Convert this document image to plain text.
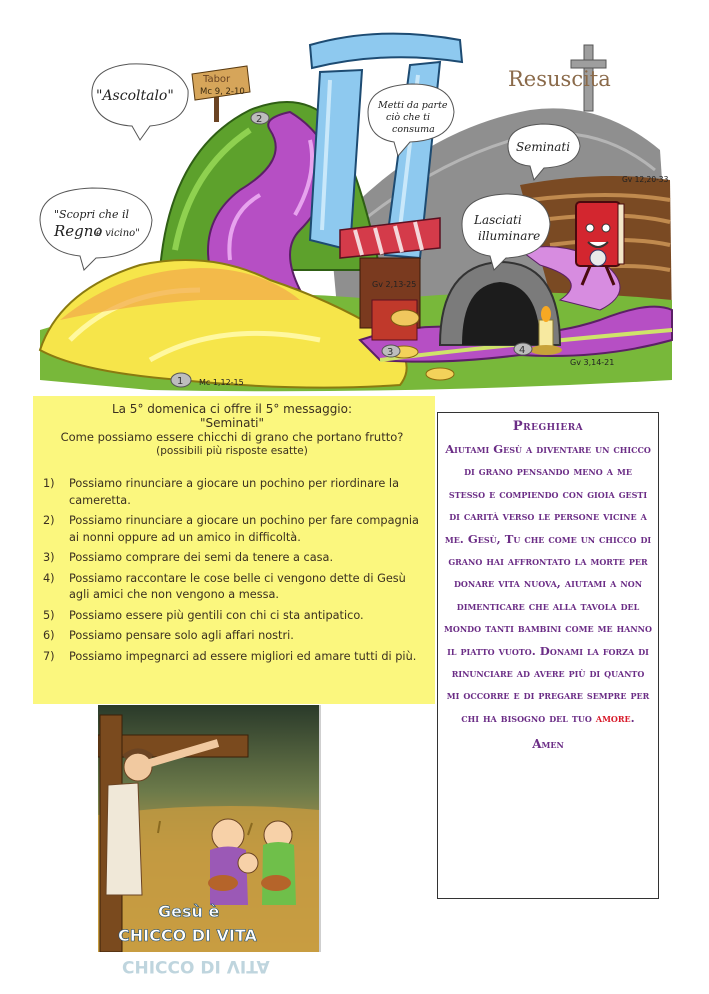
Tabor
Mc 9, 2-10
"Ascoltalo"
"Scopri che il
Regno
è vicino"
Metti da parte
ciò che ti
consuma
Seminati
Lasciati
illuminare
Resuscita
1
2
3	4
Mc 1,12-15
Gv 2,13-25
Gv 3,14-21
Gv 12,20-33
La 5° domenica ci offre il 5° messaggio:
"Seminati"
Come possiamo essere chicchi di grano che portano frutto?
(possibili più risposte esatte)
1)	Possiamo rinunciare a giocare un pochino per riordinare la cameretta.
2)	Possiamo rinunciare a giocare un pochino per fare compagnia ai nonni oppure ad un amico in difficoltà.
3)	Possiamo comprare dei semi da tenere a casa.
4)	Possiamo raccontare le cose belle ci vengono dette di Gesù agli amici che non vengono a messa.
5)	Possiamo essere più gentili con chi ci sta antipatico.
6)	Possiamo pensare solo agli affari nostri.
7)	Possiamo impegnarci ad essere migliori ed amare tutti di più.
Gesù è
CHICCO DI VITA
CHICCO DI VITA
Preghiera
Aiutami Gesù a diventare un chicco di grano pensando meno a me stesso e compiendo con gioia gesti di carità verso le persone vicine a me. Gesù, Tu che come un chicco di grano hai affrontato la morte per donare vita nuova, aiutami a non dimenticare che alla tavola del mondo tanti bambini come me hanno il piatto vuoto. Donami la forza di rinunciare ad avere più di quanto mi occorre e di pregare sempre per chi ha bisogno del tuo amore.
Amen
